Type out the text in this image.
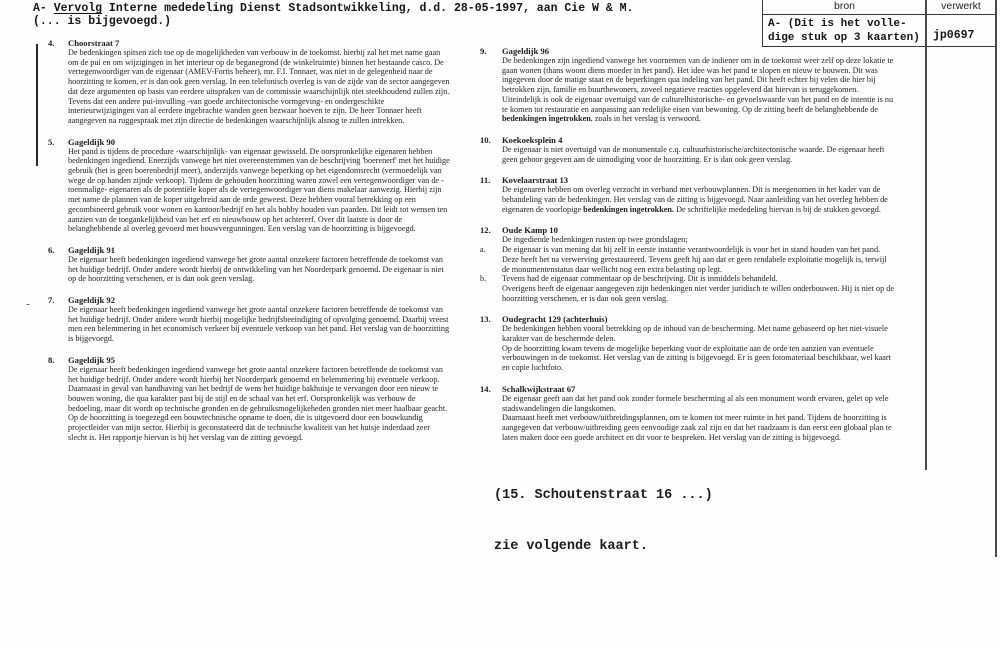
A- Vervolg Interne mededeling Dienst Stadsontwikkeling, d.d. 28-05-1997, aan Cie W & M.
(... is bijgevoegd.)
bron	verwerkt
A- (Dit is het volle-
dige stuk op 3 kaarten) jp0697
-
4. Choorstraat 7

De bedenkingen spitsen zich toe op de mogelijkheden van verbouw in de toekomst. hierbij zal het met name gaan om de pui en om wijzigingen in het interieur op de beganegrond (de winkelruimte) binnen het bestaande casco. De vertegenwoordiger van de eigenaar (AMEV-Fortis beheer), mr. F.I. Tonnaer, was niet in de gelegenheid naar de hoorzitting te komen, er is dan ook geen verslag. In een telefonisch overleg is van de zijde van de sector aangegeven dat deze argumenten op basis van eerdere uitspraken van de commissie waarschijnlijk niet steekhoudend zullen zijn. Tevens dat een andere pui-invulling -van goede architectonische vormgeving- en ondergeschikte interieurwijzigingen van al eerdere ingebrachte wanden geen bezwaar hoeven te zijn. De heer Tonnaer heeft aangegeven na ruggespraak met zijn directie de bedenkingen waarschijnlijk alsnog te zullen intrekken.

5. Gageldijk 90

Het pand is tijdens de procedure -waarschijnlijk- van eigenaar gewisseld. De oorspronkelijke eigenaren hebben bedenkingen ingediend. Enerzijds vanwege het niet overeenstemmen van de beschrijving 'boerenerf' met het huidige gebruik (het is geen boerenbedrijf meer), anderzijds vanwege beperking op het eigendomsrecht (vermoedelijk van wege de op handen zijnde verkoop). Tijdens de gehouden hoorzitting waren zowel een vertegenwoordiger van de -toenmalige- eigenaren als de potentiële koper als de vertegenwoordiger van diens makelaar aanwezig. Hierbij zijn met name de plannen van de koper uitgebreid aan de orde geweest. Deze hebben vooral betrekking op een gecombineerd gebruik voor wonen en kantoor/bedrijf en het als hobby houden van paarden. Dit leidt tot wensen ten aanzien van de toegankelijkheid van het erf en nieuwbouw op het achtererf. Over dit laatste is door de belanghebbende al overleg gevoerd met bouwvergunningen. Een verslag van de hoorzitting is bijgevoegd.

6. Gageldijk 91

De eigenaar heeft bedenkingen ingediend vanwege het grote aantal onzekere factoren betreffende de toekomst van het huidige bedrijf. Onder andere wordt hierbij de ontwikkeling van het Noorderpark genoemd. De eigenaar is niet op de hoorzitting verschenen, er is dan ook geen verslag.

7. Gageldijk 92

De eigenaar heeft bedenkingen ingediend vanwege het grote aantal onzekere factoren betreffende de toekomst van het huidige bedrijf. Onder andere wordt hierbij mogelijke bedrijfsbeeindiging of opvolging genoemd. Daarbij vreest men een belemmering in het economisch verkeer bij eventuele verkoop van het pand. Het verslag van de hoorzitting is bijgevoegd.

8. Gageldijk 95

De eigenaar heeft bedenkingen ingediend vanwege het grote aantal onzekere factoren betreffende de toekomst van het huidige bedrijf. Onder andere wordt hierbij het Noorderpark genoemd en belemmering bij eventuele verkoop. Daarnaast in geval van handhaving van het bedrijf de wens het huidige bakhuisje te vervangen door een nieuw te bouwen woning, die qua karakter past bij de stijl en de schaal van het erf. Oorspronkelijk was verbouw de bedoeling, maar dit wordt op technische gronden en de gebruiksmogelijkeheden gronden niet meer haalbaar geacht. Op de hoorzitting is toegezegd een bouwtechnische opname te doen, die is uitgevoerd door een bouwkundig projectleider van mijn sector. Hierbij is geconstateerd dat de technische kwaliteit van het huisje inderdaad zeer slecht is. Het rapportje hiervan is bij het verslag van de zitting gevoegd.

9. Gageldijk 96

De bedenkingen zijn ingediend vanwege het voornemen van de indiener om in de toekomst weer zelf op deze lokatie te gaan wonen (thans woont diens moeder in het pand). Het idee was het pand te slopen en nieuw te bouwen. Dit was ingegeven door de matige staat en de beperkingen qua indeling van het pand. Dit heeft echter bij velen die hier bij betrokken zijn, familie en buurtbewoners, zoveel negatieve reacties opgeleverd dat hiervan is teruggekomen. Uiteindelijk is ook de eigenaar overtuigd van de culturelhistorische- en gevoelswaarde van het pand en de intentie is nu te komen tot restauratie en aanpassing aan redelijke eisen van bewoning. Op de zitting heeft de belanghebbende de bedenkingen ingetrokken, zoals in het verslag is verwoord.

10. Koekoeksplein 4

De eigenaar is niet overtuigd van de monumentale c.q. cultuurhistorische/architectonische waarde. De eigenaar heeft geen gehoor gegeven aan de uitnodiging voor de hoorzitting. Er is dan ook geen verslag.

11. Kovelaarstraat 13

De eigenaren hebben om overleg verzocht in verband met verbouwplannen. Dit is meegenomen in het kader van de behandeling van de bedenkingen. Het verslag van de zitting is bijgevoegd. Naar aanleiding van het overleg hebben de eigenaren de voorlopige bedenkingen ingetrokken. De schriftelijke mededeling hiervan is bij de stukken gevoegd.

12. Oude Kamp 10

De ingediende bedenkingen rusten op twee grondslagen;

a. De eigenaar is van mening dat hij zelf in eerste instantie verantwoordelijk is voor het in stand houden van het pand. Deze heeft het na verwerving gerestaureerd. Tevens geeft hij aan dat er geen rendabele exploitatie mogelijk is, terwijl de monumentenstatus daar wellicht nog een extra belasting op legt.

b. Tevens had de eigenaar commentaar op de beschrijving. Dit is inmiddels behandeld.

Overigens heeft de eigenaar aangegeven zijn bedenkingen niet verder juridisch te willen onderbouwen. Hij is niet op de hoorzitting verschenen, er is dan ook geen verslag.

13. Oudegracht 129 (achterhuis)

De bedenkingen hebben vooral betrekking op de inhoud van de bescherming. Met name gebaseerd op het niet-visuele karakter van de beschermde delen.

Op de hoorzitting kwam tevens de mogelijke beperking voor de exploitatie aan de orde ten aanzien van eventuele verbouwingen in de toekomst. Het verslag van de zitting is bijgevoegd. Er is geen fotomateriaal beschikbaar, wel kaart en copie luchtfoto.

14. Schalkwijkstraat 67

De eigenaar geeft aan dat het pand ook zonder formele bescherming al als een monument wordt ervaren, gelet op vele stadswandelingen die langskomen.

Daarnaast heeft met verbouw/uitbreidingsplannen, om te komen tot meer ruimte in het pand. Tijdens de hoorzitting is aangegeven dat verbouw/uitbreiding geen eenvoudige zaak zal zijn en dat het raadzaam is dan eerst een globaal plan te laten maken door een goede architect en dit voor te bespreken. Het verslag van de zitting is bijgevoegd.

(15. Schoutenstraat 16 ...)

zie volgende kaart.
